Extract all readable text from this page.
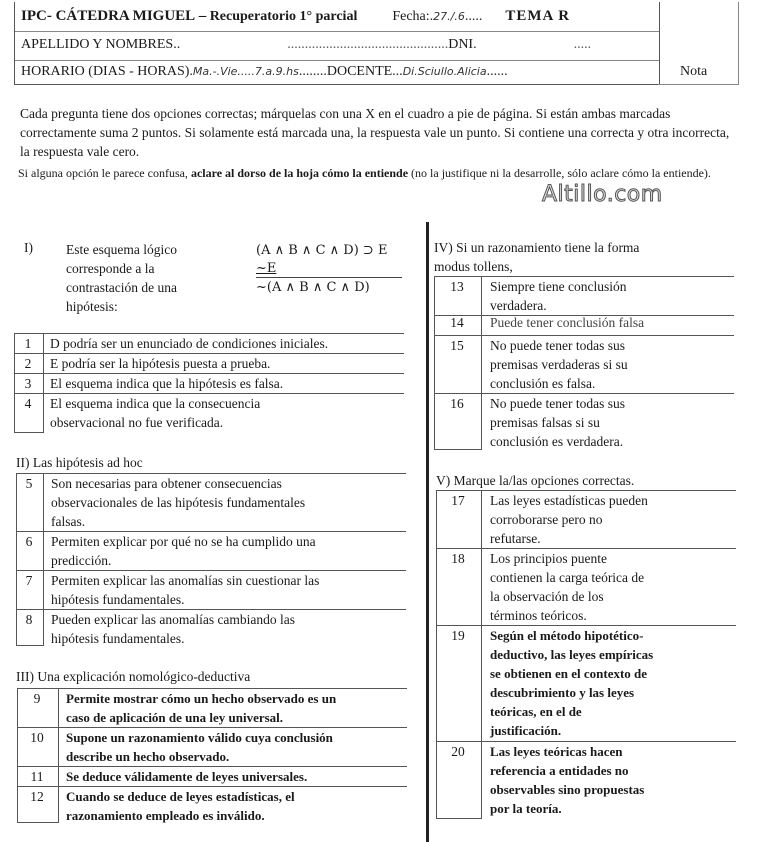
IPC- CÁTEDRA MIGUEL – Recuperatorio 1° parcial	Fecha:.27./.6..... TEMA R
APELLIDO Y NOMBRES..	..............................................DNI.	.....
HORARIO (DIAS - HORAS).Ma.-.Vie.....7.a.9.hs........DOCENTE...Di.Sciullo.Alicia......	Nota
Cada pregunta tiene dos opciones correctas; márquelas con una X en el cuadro a pie de página. Si están ambas marcadas correctamente suma 2 puntos. Si solamente está marcada una, la respuesta vale un punto. Si contiene una correcta y otra incorrecta, la respuesta vale cero.
Si alguna opción le parece confusa, aclare al dorso de la hoja cómo la entiende (no la justifique ni la desarrolle, sólo aclare cómo la entiende).
Altillo.com
I) Este esquema lógico
corresponde a la
contrastación de una
hipótesis:
(A ∧ B ∧ C ∧ D) ⊃ E
~E
~(A ∧ B ∧ C ∧ D)
1	D podría ser un enunciado de condiciones iniciales.
2	E podría ser la hipótesis puesta a prueba.
3	El esquema indica que la hipótesis es falsa.
4	El esquema indica que la consecuencia
observacional no fue verificada.
II) Las hipótesis ad hoc
5	Son necesarias para obtener consecuencias
observacionales de las hipótesis fundamentales
falsas.
6	Permiten explicar por qué no se ha cumplido una
predicción.
7	Permiten explicar las anomalías sin cuestionar las
hipótesis fundamentales.
8	Pueden explicar las anomalías cambiando las
hipótesis fundamentales.
III) Una explicación nomológico-deductiva
9	Permite mostrar cómo un hecho observado es un
caso de aplicación de una ley universal.
10	Supone un razonamiento válido cuya conclusión
describe un hecho observado.
11	Se deduce válidamente de leyes universales.
12	Cuando se deduce de leyes estadísticas, el
razonamiento empleado es inválido.
IV) Si un razonamiento tiene la forma
modus tollens,
13	Siempre tiene conclusión
verdadera.
14	Puede tener conclusión falsa
15	No puede tener todas sus
premisas verdaderas si su
conclusión es falsa.
16	No puede tener todas sus
premisas falsas si su
conclusión es verdadera.
V) Marque la/las opciones correctas.
17	Las leyes estadísticas pueden
corroborarse pero no
refutarse.
18	Los principios puente
contienen la carga teórica de
la observación de los
términos teóricos.
19	Según el método hipotético-
deductivo, las leyes empíricas
se obtienen en el contexto de
descubrimiento y las leyes
teóricas, en el de
justificación.
20	Las leyes teóricas hacen
referencia a entidades no
observables sino propuestas
por la teoría.
